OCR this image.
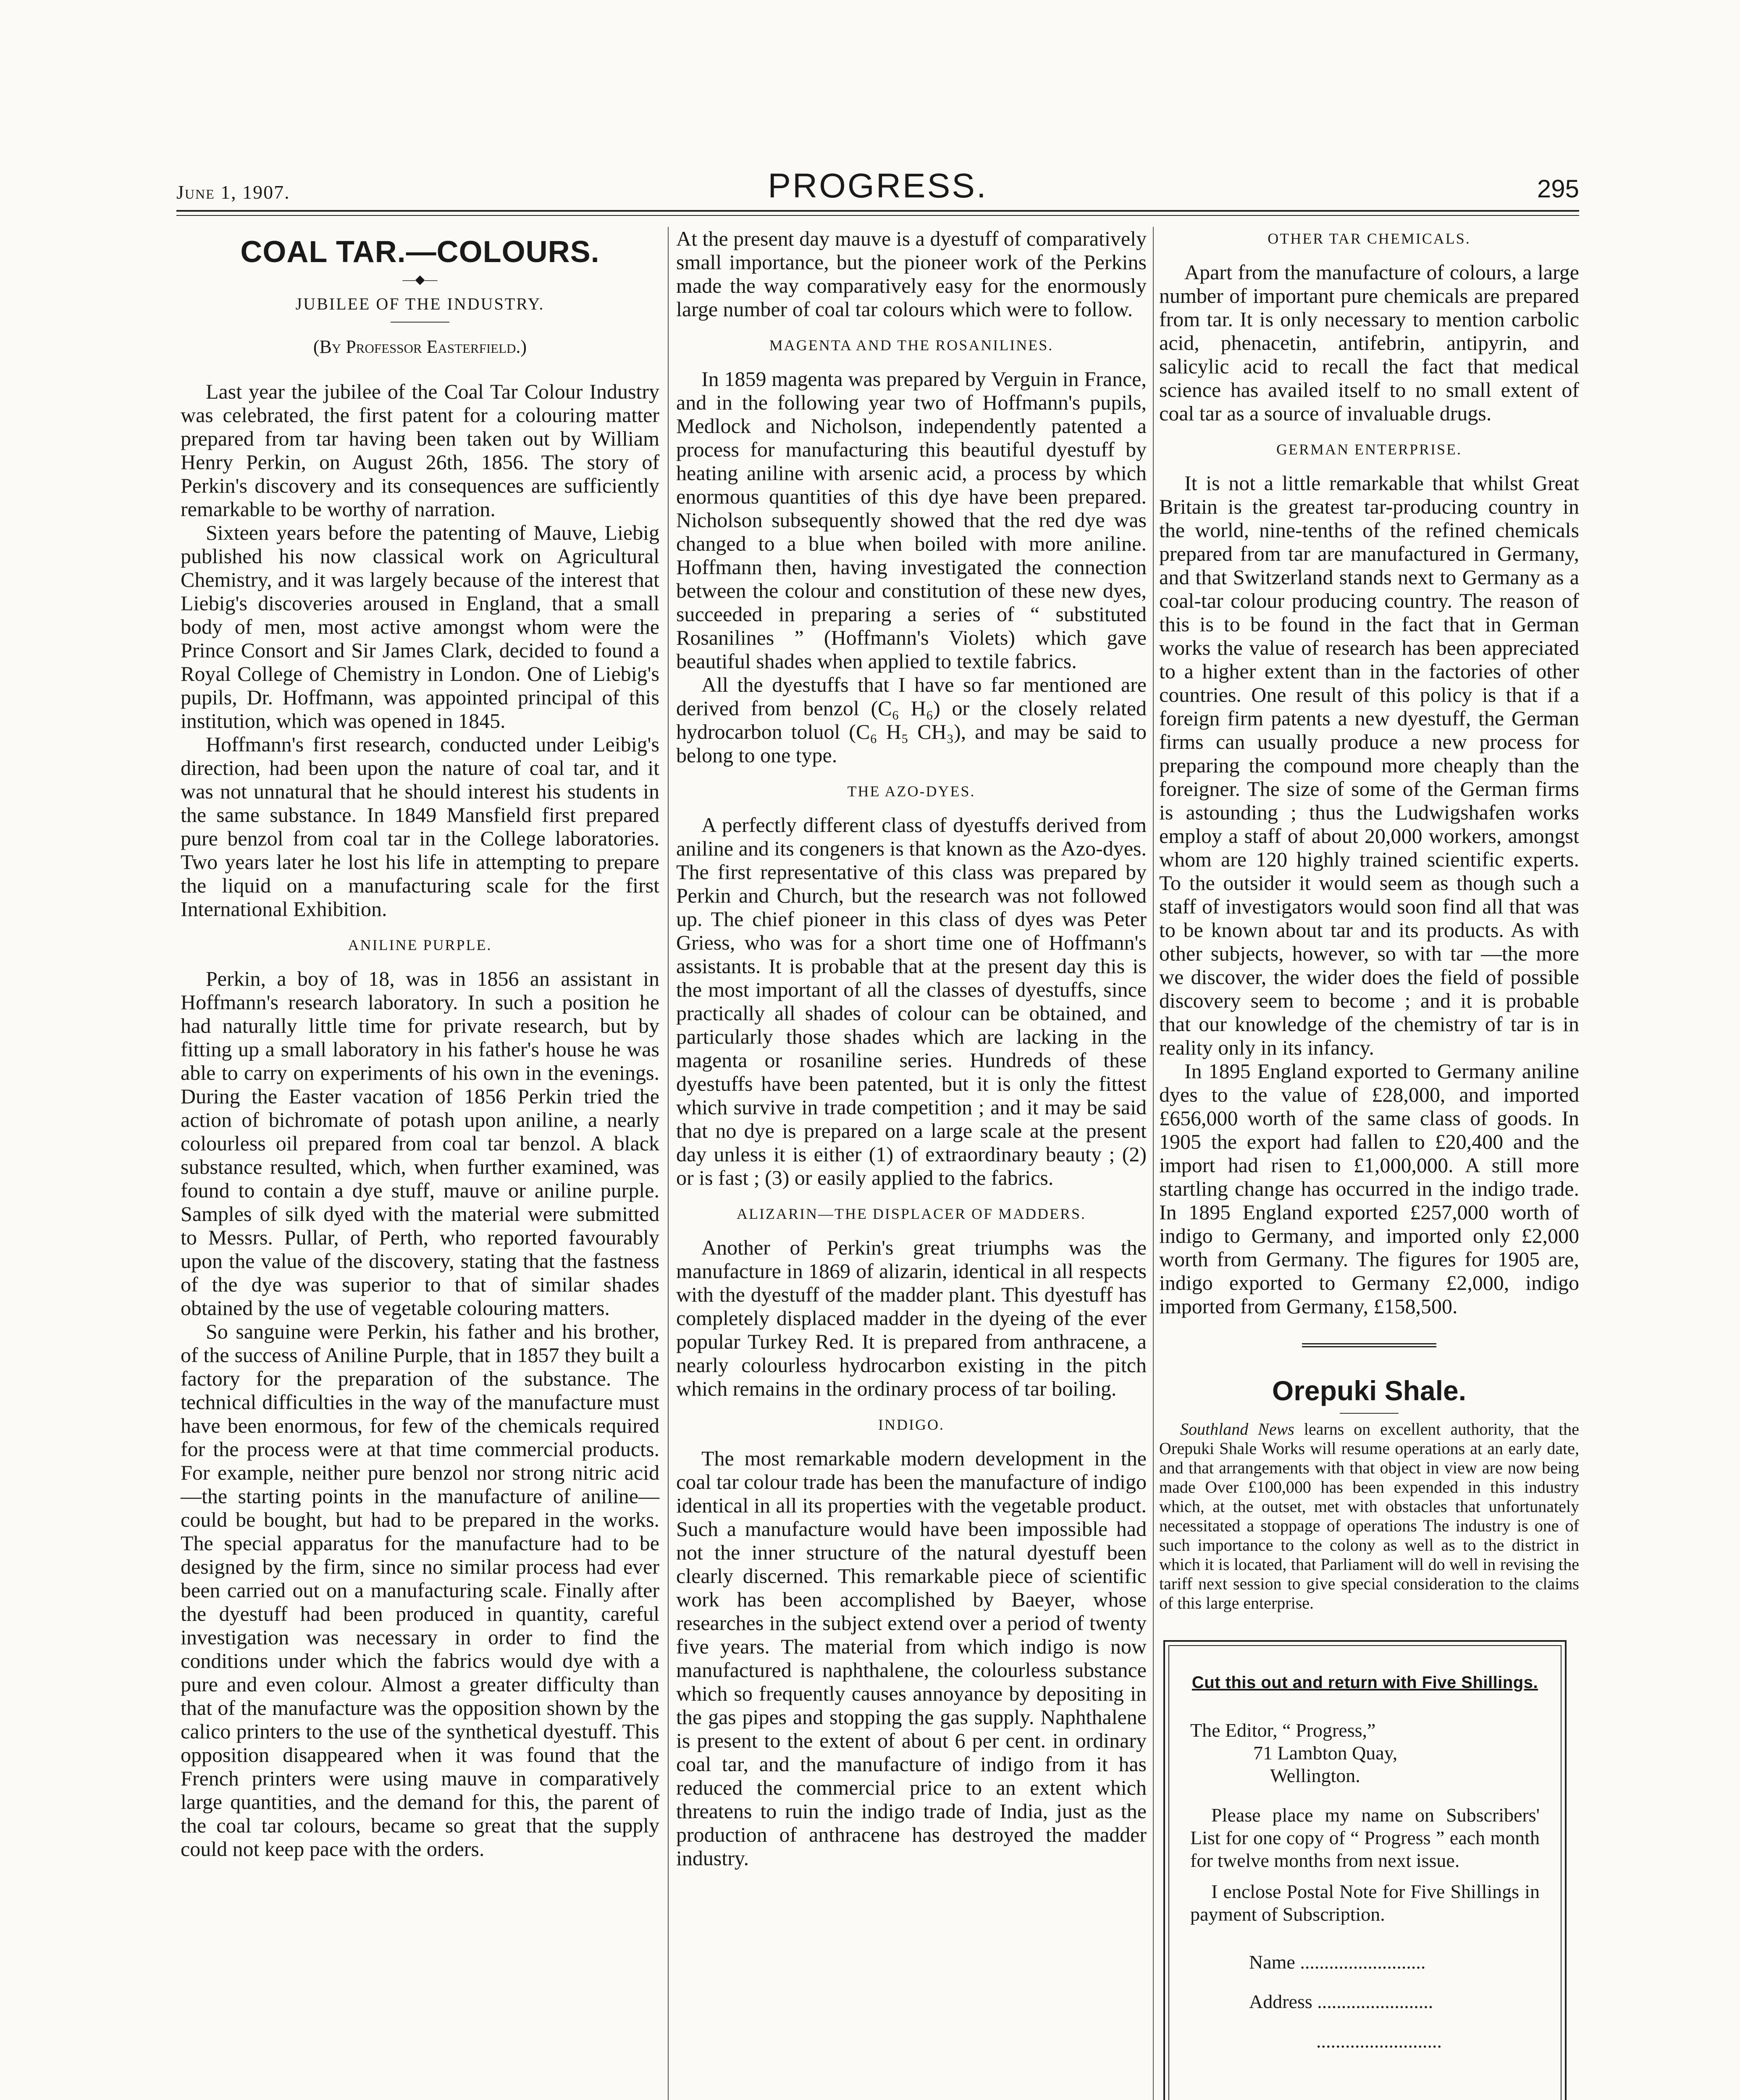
June 1, 1907.	PROGRESS.	295
COAL TAR.—COLOURS.
―◆―
JUBILEE OF THE INDUSTRY.
(By Professor Easterfield.)

Last year the jubilee of the Coal Tar Colour Industry was celebrated, the first patent for a colouring matter prepared from tar having been taken out by William Henry Perkin, on August 26th, 1856. The story of Perkin's discovery and its consequences are sufficiently remarkable to be worthy of narration.

Sixteen years before the patenting of Mauve, Liebig published his now classical work on Agricultural Chemistry, and it was largely because of the interest that Liebig's discoveries aroused in England, that a small body of men, most active amongst whom were the Prince Consort and Sir James Clark, decided to found a Royal College of Chemistry in London. One of Liebig's pupils, Dr. Hoffmann, was appointed principal of this institution, which was opened in 1845.

Hoffmann's first research, conducted under Leibig's direction, had been upon the nature of coal tar, and it was not unnatural that he should interest his students in the same substance. In 1849 Mansfield first prepared pure benzol from coal tar in the College laboratories. Two years later he lost his life in attempting to prepare the liquid on a manufacturing scale for the first International Exhibition.

ANILINE PURPLE.

Perkin, a boy of 18, was in 1856 an assistant in Hoffmann's research laboratory. In such a position he had naturally little time for private research, but by fitting up a small laboratory in his father's house he was able to carry on experiments of his own in the evenings. During the Easter vacation of 1856 Perkin tried the action of bichromate of potash upon aniline, a nearly colourless oil prepared from coal tar benzol. A black substance resulted, which, when further examined, was found to contain a dye stuff, mauve or aniline purple. Samples of silk dyed with the material were submitted to Messrs. Pullar, of Perth, who reported favourably upon the value of the discovery, stating that the fastness of the dye was superior to that of similar shades obtained by the use of vegetable colouring matters.

So sanguine were Perkin, his father and his brother, of the success of Aniline Purple, that in 1857 they built a factory for the preparation of the substance. The technical difficulties in the way of the manufacture must have been enormous, for few of the chemicals required for the process were at that time commercial products. For example, neither pure benzol nor strong nitric acid—the starting points in the manufacture of aniline—could be bought, but had to be prepared in the works. The special apparatus for the manufacture had to be designed by the firm, since no similar process had ever been carried out on a manufacturing scale. Finally after the dyestuff had been produced in quantity, careful investigation was necessary in order to find the conditions under which the fabrics would dye with a pure and even colour. Almost a greater difficulty than that of the manufacture was the opposition shown by the calico printers to the use of the synthetical dyestuff. This opposition disappeared when it was found that the French printers were using mauve in comparatively large quantities, and the demand for this, the parent of the coal tar colours, became so great that the supply could not keep pace with the orders.

At the present day mauve is a dyestuff of comparatively small importance, but the pioneer work of the Perkins made the way comparatively easy for the enormously large number of coal tar colours which were to follow.

MAGENTA AND THE ROSANILINES.

In 1859 magenta was prepared by Verguin in France, and in the following year two of Hoffmann's pupils, Medlock and Nicholson, independently patented a process for manufacturing this beautiful dyestuff by heating aniline with arsenic acid, a process by which enormous quantities of this dye have been prepared. Nicholson subsequently showed that the red dye was changed to a blue when boiled with more aniline. Hoffmann then, having investigated the connection between the colour and constitution of these new dyes, succeeded in preparing a series of “ substituted Rosanilines ” (Hoffmann's Violets) which gave beautiful shades when applied to textile fabrics.

All the dyestuffs that I have so far mentioned are derived from benzol (C₆ H₆) or the closely related hydrocarbon toluol (C₆ H₅ CH₃), and may be said to belong to one type.

THE AZO-DYES.

A perfectly different class of dyestuffs derived from aniline and its congeners is that known as the Azo-dyes. The first representative of this class was prepared by Perkin and Church, but the research was not followed up. The chief pioneer in this class of dyes was Peter Griess, who was for a short time one of Hoffmann's assistants. It is probable that at the present day this is the most important of all the classes of dyestuffs, since practically all shades of colour can be obtained, and particularly those shades which are lacking in the magenta or rosaniline series. Hundreds of these dyestuffs have been patented, but it is only the fittest which survive in trade competition ; and it may be said that no dye is prepared on a large scale at the present day unless it is either (1) of extraordinary beauty ; (2) or is fast ; (3) or easily applied to the fabrics.

ALIZARIN—THE DISPLACER OF MADDERS.

Another of Perkin's great triumphs was the manufacture in 1869 of alizarin, identical in all respects with the dyestuff of the madder plant. This dyestuff has completely displaced madder in the dyeing of the ever popular Turkey Red. It is prepared from anthracene, a nearly colourless hydrocarbon existing in the pitch which remains in the ordinary process of tar boiling.

INDIGO.

The most remarkable modern development in the coal tar colour trade has been the manufacture of indigo identical in all its properties with the vegetable product. Such a manufacture would have been impossible had not the inner structure of the natural dyestuff been clearly discerned. This remarkable piece of scientific work has been accomplished by Baeyer, whose researches in the subject extend over a period of twenty five years. The material from which indigo is now manufactured is naphthalene, the colourless substance which so frequently causes annoyance by depositing in the gas pipes and stopping the gas supply. Naphthalene is present to the extent of about 6 per cent. in ordinary coal tar, and the manufacture of indigo from it has reduced the commercial price to an extent which threatens to ruin the indigo trade of India, just as the production of anthracene has destroyed the madder industry.

OTHER TAR CHEMICALS.

Apart from the manufacture of colours, a large number of important pure chemicals are prepared from tar. It is only necessary to mention carbolic acid, phenacetin, antifebrin, antipyrin, and salicylic acid to recall the fact that medical science has availed itself to no small extent of coal tar as a source of invaluable drugs.

GERMAN ENTERPRISE.

It is not a little remarkable that whilst Great Britain is the greatest tar-producing country in the world, nine-tenths of the refined chemicals prepared from tar are manufactured in Germany, and that Switzerland stands next to Germany as a coal-tar colour producing country. The reason of this is to be found in the fact that in German works the value of research has been appreciated to a higher extent than in the factories of other countries. One result of this policy is that if a foreign firm patents a new dyestuff, the German firms can usually produce a new process for preparing the compound more cheaply than the foreigner. The size of some of the German firms is astounding ; thus the Ludwigshafen works employ a staff of about 20,000 workers, amongst whom are 120 highly trained scientific experts. To the outsider it would seem as though such a staff of investigators would soon find all that was to be known about tar and its products. As with other subjects, however, so with tar —the more we discover, the wider does the field of possible discovery seem to become ; and it is probable that our knowledge of the chemistry of tar is in reality only in its infancy.

In 1895 England exported to Germany aniline dyes to the value of £28,000, and imported £656,000 worth of the same class of goods. In 1905 the export had fallen to £20,400 and the import had risen to £1,000,000. A still more startling change has occurred in the indigo trade. In 1895 England exported £257,000 worth of indigo to Germany, and imported only £2,000 worth from Germany. The figures for 1905 are, indigo exported to Germany £2,000, indigo imported from Germany, £158,500.

Orepuki Shale.

Southland News learns on excellent authority, that the Orepuki Shale Works will resume operations at an early date, and that arrangements with that object in view are now being made Over £100,000 has been expended in this industry which, at the outset, met with obstacles that unfortunately necessitated a stoppage of operations The industry is one of such importance to the colony as well as to the district in which it is located, that Parliament will do well in revising the tariff next session to give special consideration to the claims of this large enterprise.

Cut this out and return with Five Shillings.
The Editor, “ Progress,”
71 Lambton Quay,
Wellington.

Please place my name on Subscribers' List for one copy of “ Progress ” each month for twelve months from next issue.

I enclose Postal Note for Five Shillings in payment of Subscription.

Name ..........................
Address ........................
..........................
